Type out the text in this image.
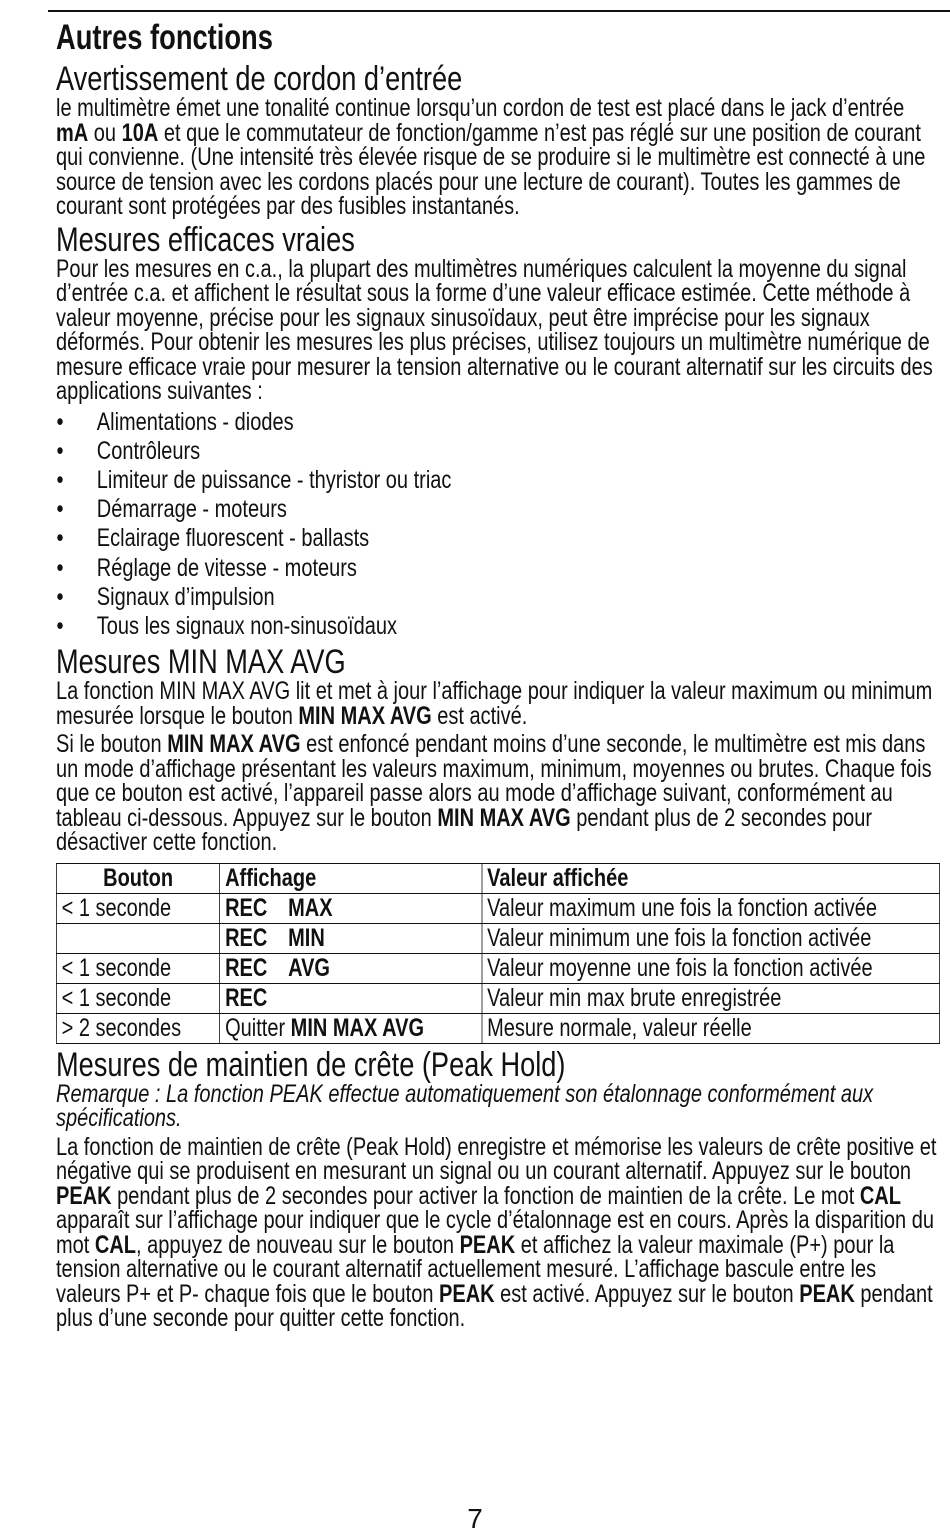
Autres fonctions
Avertissement de cordon d’entrée

le multimètre émet une tonalité continue lorsqu’un cordon de test est placé dans le jack d’entrée mA ou 10A et que le commutateur de fonction/gamme n’est pas réglé sur une position de courant qui convienne. (Une intensité très élevée risque de se produire si le multimètre est connecté à une source de tension avec les cordons placés pour une lecture de courant). Toutes les gammes de courant sont protégées par des fusibles instantanés.

Mesures efficaces vraies

Pour les mesures en c.a., la plupart des multimètres numériques calculent la moyenne du signal d’entrée c.a. et affichent le résultat sous la forme d’une valeur efficace estimée. Cette méthode à valeur moyenne, précise pour les signaux sinusoïdaux, peut être imprécise pour les signaux déformés. Pour obtenir les mesures les plus précises, utilisez toujours un multimètre numérique de mesure efficace vraie pour mesurer la tension alternative ou le courant alternatif sur les circuits des applications suivantes :

• Alimentations - diodes
• Contrôleurs
• Limiteur de puissance - thyristor ou triac
• Démarrage - moteurs
• Eclairage fluorescent - ballasts
• Réglage de vitesse - moteurs
• Signaux d’impulsion
• Tous les signaux non-sinusoïdaux
Mesures MIN MAX AVG

La fonction MIN MAX AVG lit et met à jour l’affichage pour indiquer la valeur maximum ou minimum mesurée lorsque le bouton MIN MAX AVG est activé.

Si le bouton MIN MAX AVG est enfoncé pendant moins d’une seconde, le multimètre est mis dans un mode d’affichage présentant les valeurs maximum, minimum, moyennes ou brutes. Chaque fois que ce bouton est activé, l’appareil passe alors au mode d’affichage suivant, conformément au tableau ci-dessous. Appuyez sur le bouton MIN MAX AVG pendant plus de 2 secondes pour désactiver cette fonction.

Bouton	Affichage	Valeur affichée
< 1 seconde	REC MAX	Valeur maximum une fois la fonction activée
	REC MIN	Valeur minimum une fois la fonction activée
< 1 seconde	REC AVG	Valeur moyenne une fois la fonction activée
< 1 seconde	REC	Valeur min max brute enregistrée
> 2 secondes	Quitter MIN MAX AVG	Mesure normale, valeur réelle
Mesures de maintien de crête (Peak Hold)

Remarque : La fonction PEAK effectue automatiquement son étalonnage conformément aux spécifications.

La fonction de maintien de crête (Peak Hold) enregistre et mémorise les valeurs de crête positive et négative qui se produisent en mesurant un signal ou un courant alternatif. Appuyez sur le bouton PEAK pendant plus de 2 secondes pour activer la fonction de maintien de la crête. Le mot CAL apparaît sur l’affichage pour indiquer que le cycle d’étalonnage est en cours. Après la disparition du mot CAL, appuyez de nouveau sur le bouton PEAK et affichez la valeur maximale (P+) pour la tension alternative ou le courant alternatif actuellement mesuré. L’affichage bascule entre les valeurs P+ et P- chaque fois que le bouton PEAK est activé. Appuyez sur le bouton PEAK pendant plus d’une seconde pour quitter cette fonction.

7
